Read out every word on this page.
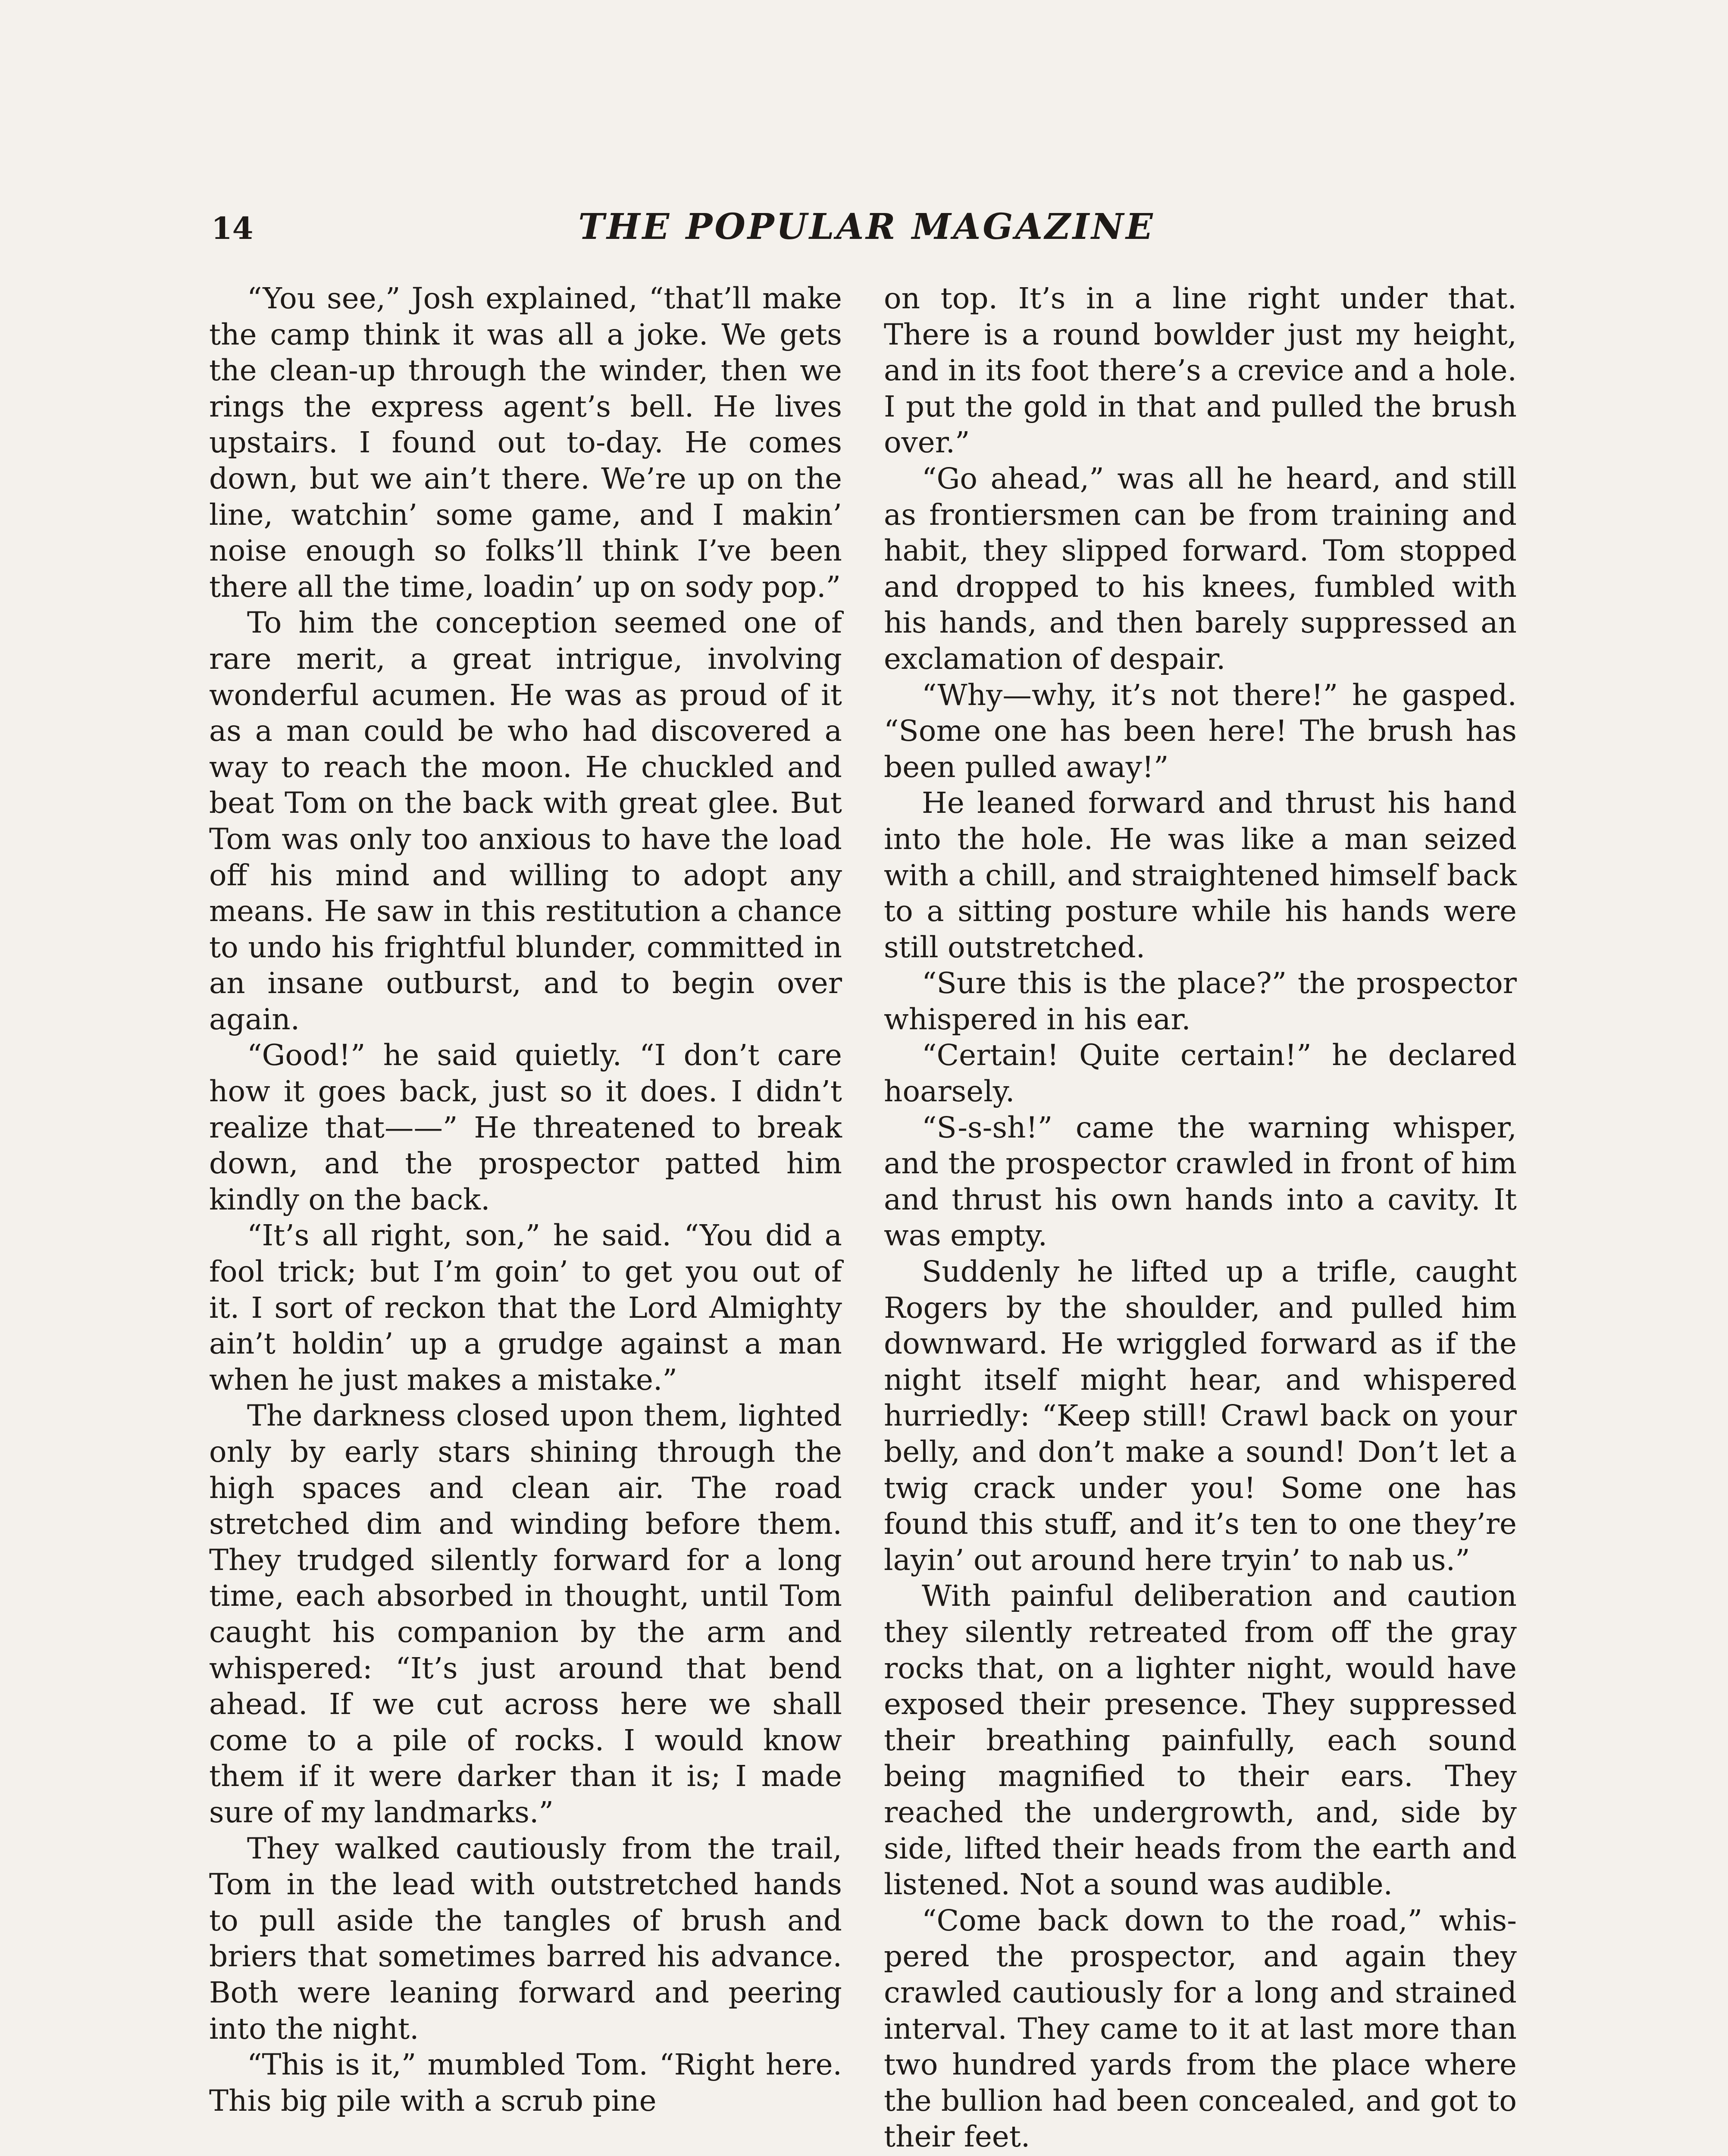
14	THE POPULAR MAGAZINE

“You see,” Josh explained, “that’ll make the camp think it was all a joke. We gets the clean-up through the winder, then we rings the express agent’s bell. He lives upstairs. I found out to-day. He comes down, but we ain’t there. We’re up on the line, watchin’ some game, and I makin’ noise enough so folks’ll think I’ve been there all the time, loadin’ up on sody pop.”

To him the conception seemed one of rare merit, a great intrigue, involving wonderful acumen. He was as proud of it as a man could be who had discovered a way to reach the moon. He chuckled and beat Tom on the back with great glee. But Tom was only too anxious to have the load off his mind and willing to adopt any means. He saw in this restitution a chance to undo his frightful blunder, committed in an insane outburst, and to begin over again.

“Good!” he said quietly. “I don’t care how it goes back, just so it does. I didn’t realize that——” He threatened to break down, and the prospector patted him kindly on the back.

“It’s all right, son,” he said. “You did a fool trick; but I’m goin’ to get you out of it. I sort of reckon that the Lord Almighty ain’t holdin’ up a grudge against a man when he just makes a mistake.”

The darkness closed upon them, lighted only by early stars shining through the high spaces and clean air. The road stretched dim and winding before them. They trudged silently forward for a long time, each absorbed in thought, until Tom caught his companion by the arm and whispered: “It’s just around that bend ahead. If we cut across here we shall come to a pile of rocks. I would know them if it were darker than it is; I made sure of my landmarks.”

They walked cautiously from the trail, Tom in the lead with outstretched hands to pull aside the tangles of brush and briers that sometimes barred his advance. Both were leaning forward and peering into the night.

“This is it,” mumbled Tom. “Right here. This big pile with a scrub pine

on top. It’s in a line right under that. There is a round bowlder just my height, and in its foot there’s a crevice and a hole. I put the gold in that and pulled the brush over.”

“Go ahead,” was all he heard, and still as frontiersmen can be from training and habit, they slipped forward. Tom stopped and dropped to his knees, fumbled with his hands, and then barely suppressed an exclamation of despair.

“Why—why, it’s not there!” he gasped. “Some one has been here! The brush has been pulled away!”

He leaned forward and thrust his hand into the hole. He was like a man seized with a chill, and straightened himself back to a sitting posture while his hands were still outstretched.

“Sure this is the place?” the prospector whispered in his ear.

“Certain! Quite certain!” he declared hoarsely.

“S-s-sh!” came the warning whisper, and the prospector crawled in front of him and thrust his own hands into a cavity. It was empty.

Suddenly he lifted up a trifle, caught Rogers by the shoulder, and pulled him downward. He wriggled forward as if the night itself might hear, and whispered hurriedly: “Keep still! Crawl back on your belly, and don’t make a sound! Don’t let a twig crack under you! Some one has found this stuff, and it’s ten to one they’re layin’ out around here tryin’ to nab us.”

With painful deliberation and caution they silently retreated from off the gray rocks that, on a lighter night, would have exposed their presence. They suppressed their breathing painfully, each sound being magnified to their ears. They reached the undergrowth, and, side by side, lifted their heads from the earth and listened. Not a sound was audible.

“Come back down to the road,” whispered the prospector, and again they crawled cautiously for a long and strained interval. They came to it at last more than two hundred yards from the place where the bullion had been concealed, and got to their feet.
